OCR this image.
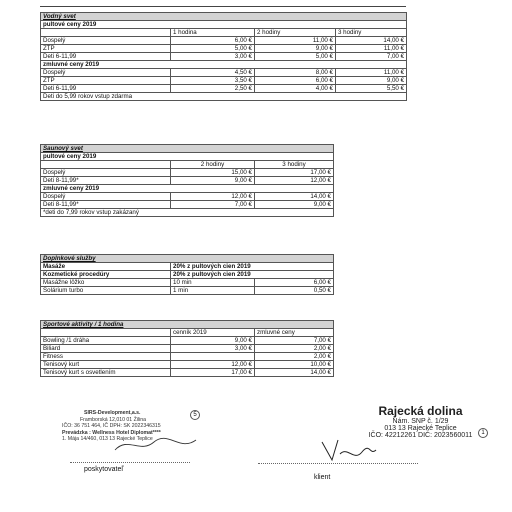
Vodný svet			
pultové ceny 2019			
	1 hodina	2 hodiny	3 hodiny
Dospelý	6,00 €	11,00 €	14,00 €
ZŤP	5,00 €	9,00 €	11,00 €
Deti 6-11,99	3,00 €	5,00 €	7,00 €
zmluvné ceny 2019			
Dospelý	4,50 €	8,00 €	11,00 €
ZŤP	3,50 €	6,00 €	9,00 €
Deti 6-11,99	2,50 €	4,00 €	5,50 €
Deti do 5,99 rokov vstup zdarma			
Saunový svet		
pultové ceny 2019		
	2 hodiny	3 hodiny
Dospelý	15,00 €	17,00 €
Deti 8-11,99*	9,00 €	12,00 €
zmluvné ceny 2019		
Dospelý	12,00 €	14,00 €
Deti 8-11,99*	7,00 €	9,00 €
*deti do 7,99 rokov vstup zakázaný		
Doplnkové služby		
Masáže	20% z pultových cien 2019	
Kozmetické procedúry	20% z pultových cien 2019	
Masážne lôžko	10 min	6,00 €
Solárium turbo	1 min	0,50 €
Športové aktivity / 1 hodina		
	cenník 2019	zmluvné ceny
Bowling /1 dráha	9,00 €	7,00 €
Biliard	3,00 €	2,00 €
Fitness		2,00 €
Tenisový kurt	12,00 €	10,00 €
Tenisový kurt s osvetlením	17,00 €	14,00 €
SIRS-Development,a.s.
Framborská 12,010 01 Žilina
IČO: 36 751 464, IČ DPH: SK 2022346315
Prevádzka : Wellness Hotel Diplomat****
1. Mája 14/460, 013 13 Rajecké Teplice
5
poskytovateľ
Rajecká dolina
Nám. SNP č. 1/29
013 13 Rajecké Teplice
IČO: 42212261 DIČ: 2023560011	1
klient
